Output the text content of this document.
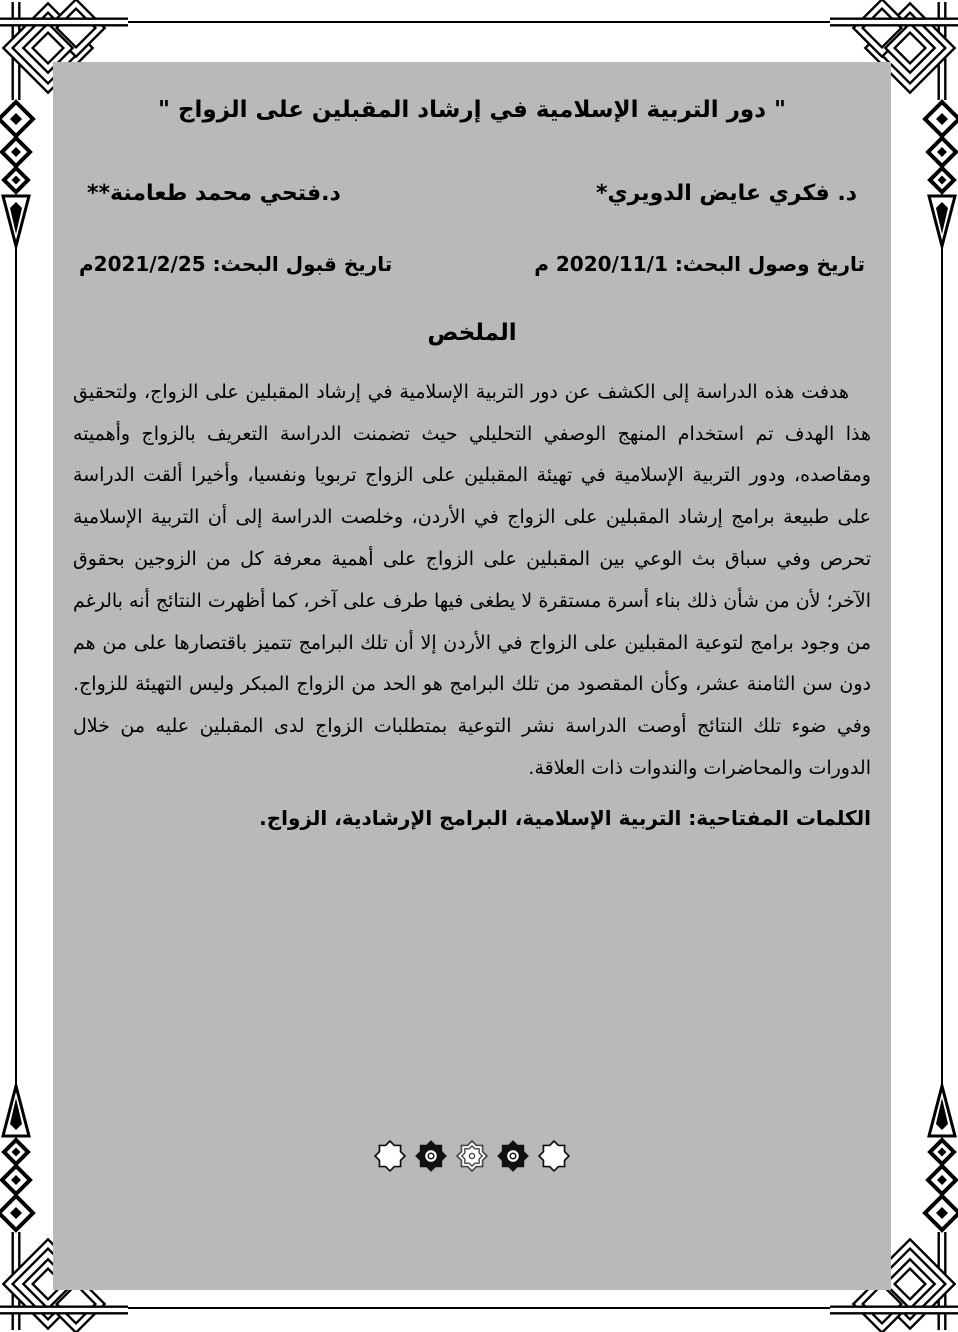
" دور التربية الإسلامية في إرشاد المقبلين على الزواج "
د. فكري عايض الدويري*
د.فتحي محمد طعامنة**
تاريخ وصول البحث: 2020/11/1 م
تاريخ قبول البحث: 2021/2/25م
الملخص

هدفت هذه الدراسة إلى الكشف عن دور التربية الإسلامية في إرشاد المقبلين على الزواج، ولتحقيق هذا الهدف تم استخدام المنهج الوصفي التحليلي حيث تضمنت الدراسة التعريف بالزواج وأهميته ومقاصده، ودور التربية الإسلامية في تهيئة المقبلين على الزواج تربويا ونفسيا، وأخيرا ألقت الدراسة على طبيعة برامج إرشاد المقبلين على الزواج في الأردن، وخلصت الدراسة إلى أن التربية الإسلامية تحرص وفي سباق بث الوعي بين المقبلين على الزواج على أهمية معرفة كل من الزوجين بحقوق الآخر؛ لأن من شأن ذلك بناء أسرة مستقرة لا يطغى فيها طرف على آخر، كما أظهرت النتائج أنه بالرغم من وجود برامج لتوعية المقبلين على الزواج في الأردن إلا أن تلك البرامج تتميز باقتصارها على من هم دون سن الثامنة عشر، وكأن المقصود من تلك البرامج هو الحد من الزواج المبكر وليس التهيئة للزواج. وفي ضوء تلك النتائج أوصت الدراسة نشر التوعية بمتطلبات الزواج لدى المقبلين عليه من خلال الدورات والمحاضرات والندوات ذات العلاقة.

الكلمات المفتاحية: التربية الإسلامية، البرامج الإرشادية، الزواج.
